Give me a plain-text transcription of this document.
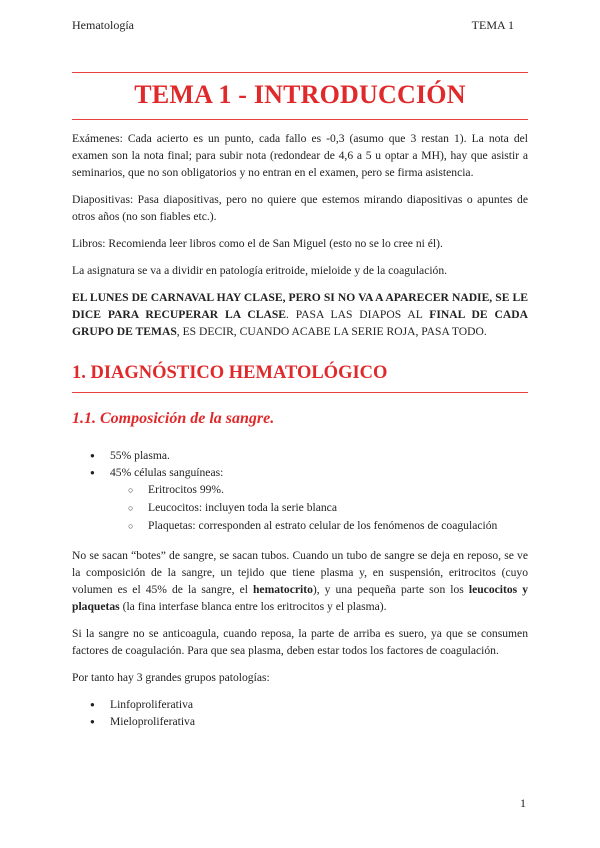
Hematología	TEMA 1
TEMA 1 - INTRODUCCIÓN

Exámenes: Cada acierto es un punto, cada fallo es -0,3 (asumo que 3 restan 1). La nota del examen son la nota final; para subir nota (redondear de 4,6 a 5 u optar a MH), hay que asistir a seminarios, que no son obligatorios y no entran en el examen, pero se firma asistencia.

Diapositivas: Pasa diapositivas, pero no quiere que estemos mirando diapositivas o apuntes de otros años (no son fiables etc.).

Libros: Recomienda leer libros como el de San Miguel (esto no se lo cree ni él).

La asignatura se va a dividir en patología eritroide, mieloide y de la coagulación.

EL LUNES DE CARNAVAL HAY CLASE, PERO SI NO VA A APARECER NADIE, SE LE DICE PARA RECUPERAR LA CLASE. PASA LAS DIAPOS AL FINAL DE CADA GRUPO DE TEMAS, ES DECIR, CUANDO ACABE LA SERIE ROJA, PASA TODO.

1. DIAGNÓSTICO HEMATOLÓGICO
1.1. Composición de la sangre.
● 55% plasma.
● 45% células sanguíneas:
○ Eritrocitos 99%.
○ Leucocitos: incluyen toda la serie blanca
○ Plaquetas: corresponden al estrato celular de los fenómenos de coagulación

No se sacan “botes” de sangre, se sacan tubos. Cuando un tubo de sangre se deja en reposo, se ve la composición de la sangre, un tejido que tiene plasma y, en suspensión, eritrocitos (cuyo volumen es el 45% de la sangre, el hematocrito), y una pequeña parte son los leucocitos y plaquetas (la fina interfase blanca entre los eritrocitos y el plasma).

Si la sangre no se anticoagula, cuando reposa, la parte de arriba es suero, ya que se consumen factores de coagulación. Para que sea plasma, deben estar todos los factores de coagulación.

Por tanto hay 3 grandes grupos patologías:

● Linfoproliferativa
● Mieloproliferativa
1
